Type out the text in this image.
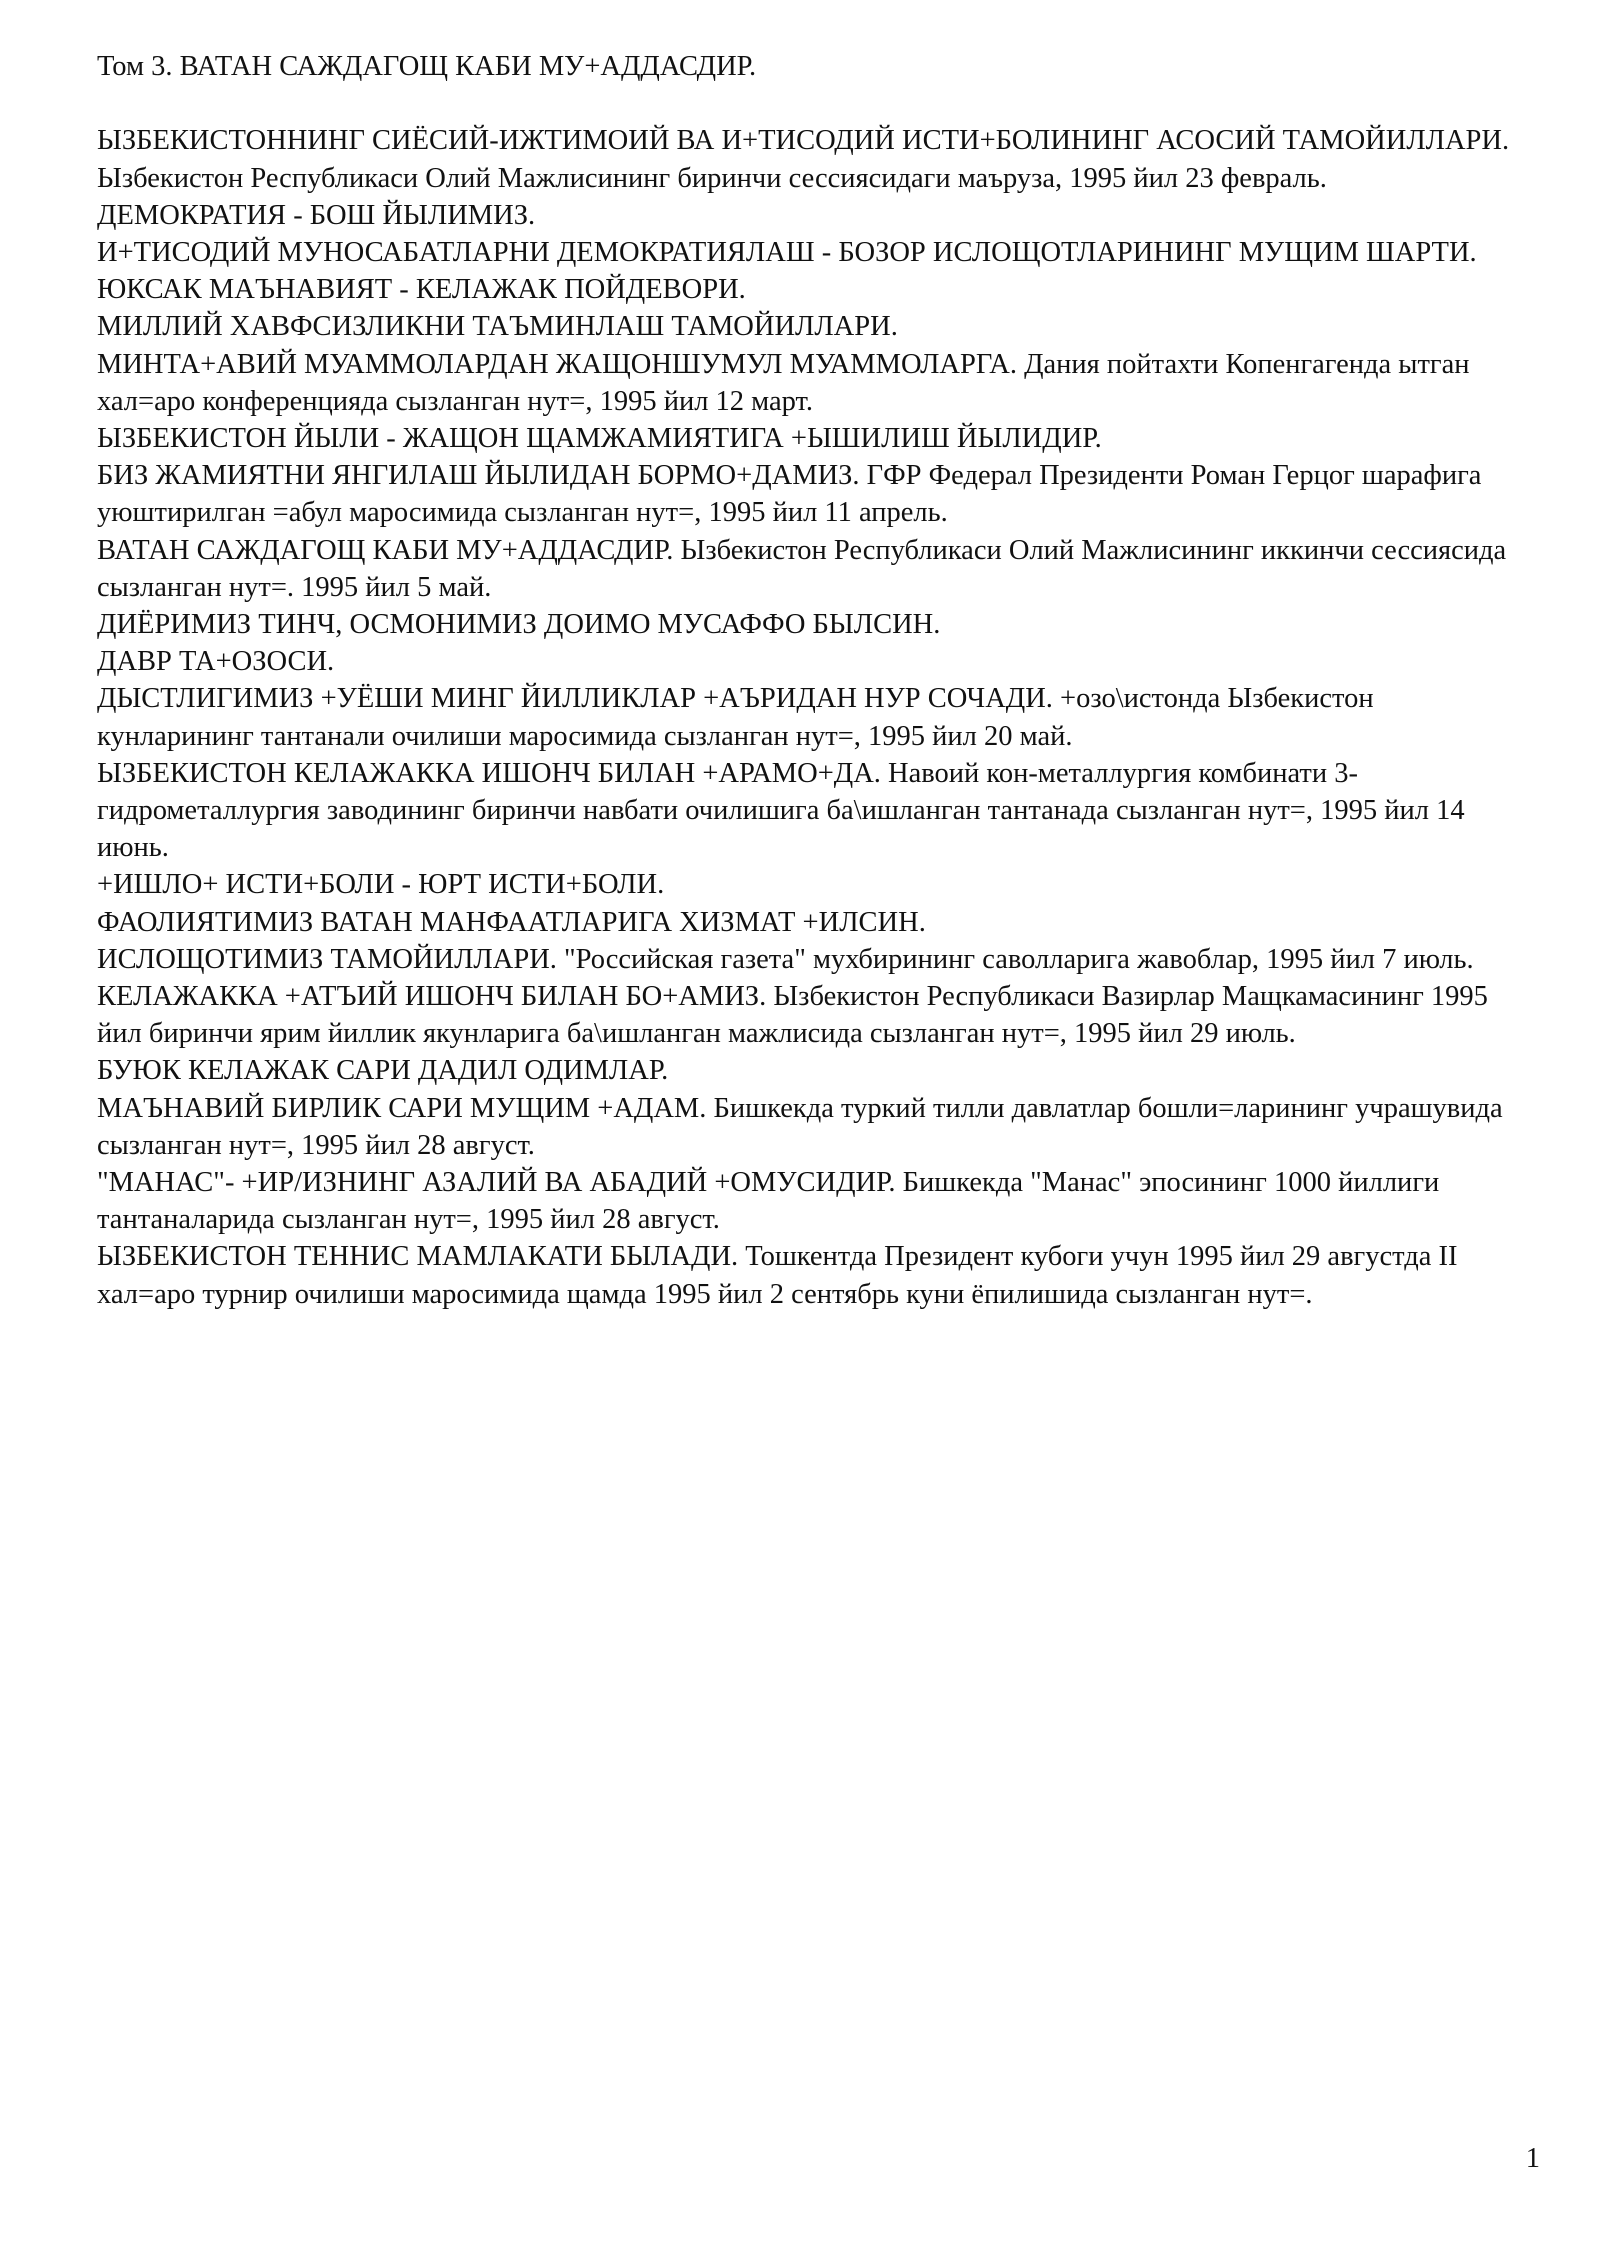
Том 3. ВАТАН САЖДАГОЩ КАБИ МУ+АДДАСДИР.

ЫЗБЕКИСТОННИНГ СИЁСИЙ-ИЖТИМОИЙ ВА И+ТИСОДИЙ ИСТИ+БОЛИНИНГ АСОСИЙ ТАМОЙИЛЛАРИ. Ызбекистон Республикаси Олий Мажлисининг биринчи сессиясидаги маъруза, 1995 йил 23 февраль.

ДЕМОКРАТИЯ - БОШ ЙЫЛИМИЗ.

И+ТИСОДИЙ МУНОСАБАТЛАРНИ ДЕМОКРАТИЯЛАШ - БОЗОР ИСЛОЩОТЛАРИНИНГ МУЩИМ ШАРТИ.

ЮКСАК МАЪНАВИЯТ - КЕЛАЖАК ПОЙДЕВОРИ.

МИЛЛИЙ ХАВФСИЗЛИКНИ ТАЪМИНЛАШ ТАМОЙИЛЛАРИ.

МИНТА+АВИЙ МУАММОЛАРДАН ЖАЩОНШУМУЛ МУАММОЛАРГА. Дания пойтахти Копенгагенда ытган хал=аро конференцияда сызланган нут=, 1995 йил 12 март.

ЫЗБЕКИСТОН ЙЫЛИ - ЖАЩОН ЩАМЖАМИЯТИГА +ЫШИЛИШ ЙЫЛИДИР.

БИЗ ЖАМИЯТНИ ЯНГИЛАШ ЙЫЛИДАН БОРМО+ДАМИЗ. ГФР Федерал Президенти Роман Герцог шарафига уюштирилган =абул маросимида сызланган нут=, 1995 йил 11 апрель.

ВАТАН САЖДАГОЩ КАБИ МУ+АДДАСДИР. Ызбекистон Республикаси Олий Мажлисининг иккинчи сессиясида сызланган нут=. 1995 йил 5 май.

ДИЁРИМИЗ ТИНЧ, ОСМОНИМИЗ ДОИМО МУСАФФО БЫЛСИН.

ДАВР ТА+ОЗОСИ.

ДЫСТЛИГИМИЗ +УЁШИ МИНГ ЙИЛЛИКЛАР +АЪРИДАН НУР СОЧАДИ. +озо\истонда Ызбекистон кунларининг тантанали очилиши маросимида сызланган нут=, 1995 йил 20 май.

ЫЗБЕКИСТОН КЕЛАЖАККА ИШОНЧ БИЛАН +АРАМО+ДА. Навоий кон-металлургия комбинати 3-гидрометаллургия заводининг биринчи навбати очилишига ба\ишланган тантанада сызланган нут=, 1995 йил 14 июнь.

+ИШЛО+ ИСТИ+БОЛИ - ЮРТ ИСТИ+БОЛИ.

ФАОЛИЯТИМИЗ ВАТАН МАНФААТЛАРИГА ХИЗМАТ +ИЛСИН.

ИСЛОЩОТИМИЗ ТАМОЙИЛЛАРИ. "Российская газета" мухбирининг саволларига жавоблар, 1995 йил 7 июль.

КЕЛАЖАККА +АТЪИЙ ИШОНЧ БИЛАН БО+АМИЗ. Ызбекистон Республикаси Вазирлар Мащкамасининг 1995 йил биринчи ярим йиллик якунларига ба\ишланган мажлисида сызланган нут=, 1995 йил 29 июль.

БУЮК КЕЛАЖАК САРИ ДАДИЛ ОДИМЛАР.

МАЪНАВИЙ БИРЛИК САРИ МУЩИМ +АДАМ. Бишкекда туркий тилли давлатлар бошли=ларининг учрашувида сызланган нут=, 1995 йил 28 август.

"МАНАС"- +ИР/ИЗНИНГ АЗАЛИЙ ВА АБАДИЙ +ОМУСИДИР. Бишкекда "Манас" эпосининг 1000 йиллиги тантаналарида сызланган нут=, 1995 йил 28 август.

ЫЗБЕКИСТОН ТЕННИС МАМЛАКАТИ БЫЛАДИ. Тошкентда Президент кубоги учун 1995 йил 29 августда II хал=аро турнир очилиши маросимида щамда 1995 йил 2 сентябрь куни ёпилишида сызланган нут=.

1
